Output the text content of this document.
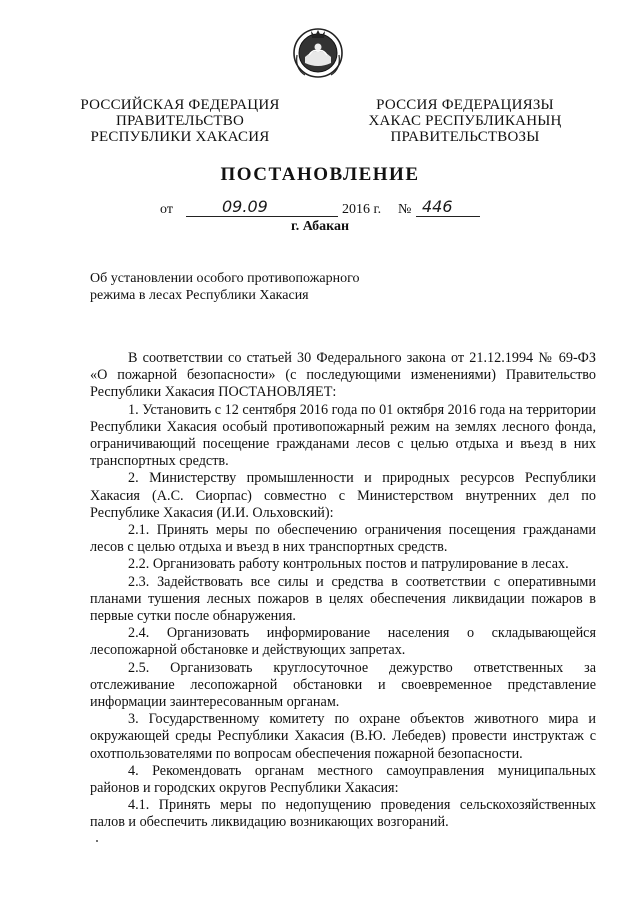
РОССИЙСКАЯ ФЕДЕРАЦИЯ
ПРАВИТЕЛЬСТВО
РЕСПУБЛИКИ ХАКАСИЯ
РОССИЯ ФЕДЕРАЦИЯЗЫ
ХАКАС РЕСПУБЛИКАНЫҢ
ПРАВИТЕЛЬСТВОЗЫ
ПОСТАНОВЛЕНИЕ
от	09.09	2016 г. № 446
г. Абакан
Об установлении особого противопожарного
режима в лесах Республики Хакасия

В соответствии со статьей 30 Федерального закона от 21.12.1994 № 69-ФЗ «О пожарной безопасности» (с последующими изменениями) Правительство Республики Хакасия ПОСТАНОВЛЯЕТ:

1. Установить с 12 сентября 2016 года по 01 октября 2016 года на территории Республики Хакасия особый противопожарный режим на землях лесного фонда, ограничивающий посещение гражданами лесов с целью отдыха и въезд в них транспортных средств.

2. Министерству промышленности и природных ресурсов Республики Хакасия (А.С. Сиорпас) совместно с Министерством внутренних дел по Республике Хакасия (И.И. Ольховский):

2.1. Принять меры по обеспечению ограничения посещения гражданами лесов с целью отдыха и въезд в них транспортных средств.

2.2. Организовать работу контрольных постов и патрулирование в лесах.

2.3. Задействовать все силы и средства в соответствии с оперативными планами тушения лесных пожаров в целях обеспечения ликвидации пожаров в первые сутки после обнаружения.

2.4. Организовать информирование населения о складывающейся лесопожарной обстановке и действующих запретах.

2.5. Организовать круглосуточное дежурство ответственных за отслеживание лесопожарной обстановки и своевременное представление информации заинтересованным органам.

3. Государственному комитету по охране объектов животного мира и окружающей среды Республики Хакасия (В.Ю. Лебедев) провести инструктаж с охотпользователями по вопросам обеспечения пожарной безопасности.

4. Рекомендовать органам местного самоуправления муниципальных районов и городских округов Республики Хакасия:

4.1. Принять меры по недопущению проведения сельскохозяйственных палов и обеспечить ликвидацию возникающих возгораний.
